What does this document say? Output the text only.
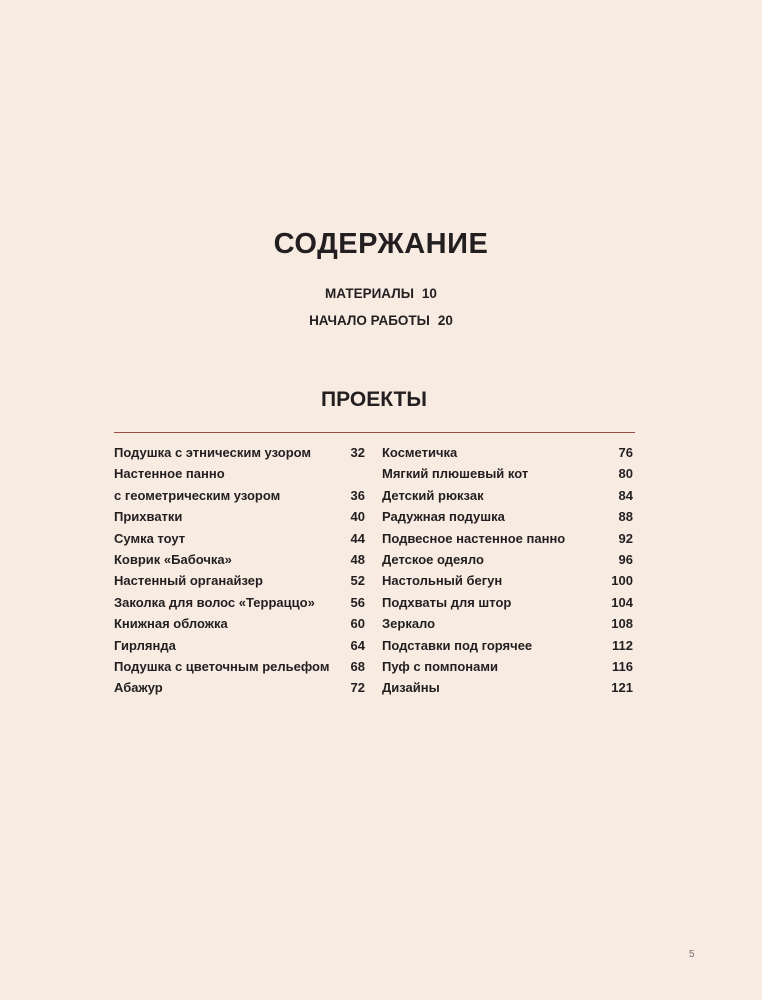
СОДЕРЖАНИЕ
МАТЕРИАЛЫ 10
НАЧАЛО РАБОТЫ 20
ПРОЕКТЫ
Подушка с этническим узором	32
Настенное панно
с геометрическим узором	36
Прихватки	40
Сумка тоут	44
Коврик «Бабочка»	48
Настенный органайзер	52
Заколка для волос «Терраццо»	56
Книжная обложка	60
Гирлянда	64
Подушка с цветочным рельефом 68
Абажур	72
Косметичка	76
Мягкий плюшевый кот	80
Детский рюкзак	84
Радужная подушка	88
Подвесное настенное панно	92
Детское одеяло	96
Настольный бегун	100
Подхваты для штор	104
Зеркало	108
Подставки под горячее	112
Пуф с помпонами	116
Дизайны	121
5
